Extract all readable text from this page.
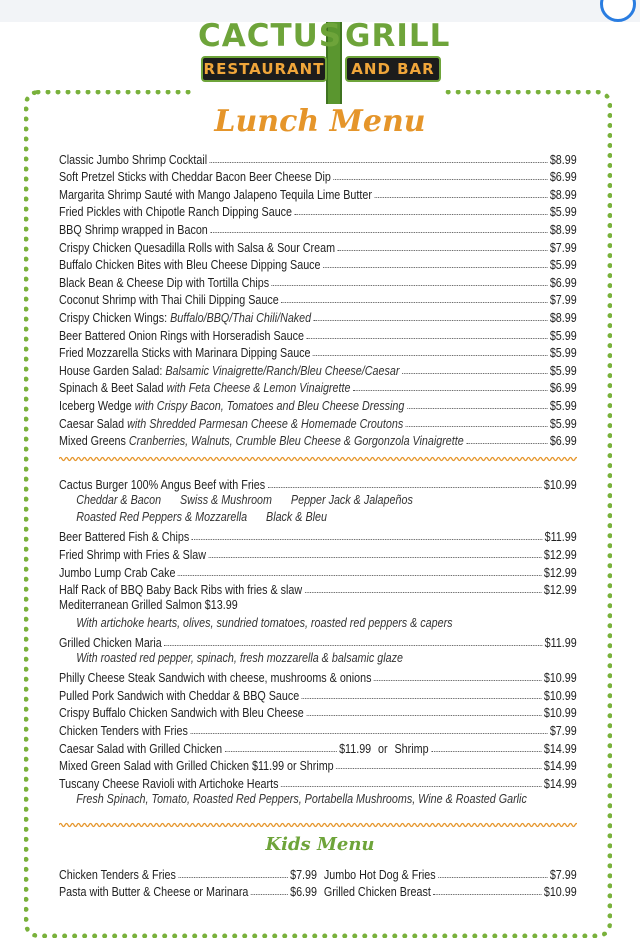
CACTUS GRILL
RESTAURANT	AND BAR
Lunch Menu
Classic Jumbo Shrimp Cocktail	$8.99
Soft Pretzel Sticks with Cheddar Bacon Beer Cheese Dip	$6.99
Margarita Shrimp Sauté with Mango Jalapeno Tequila Lime Butter	$8.99
Fried Pickles with Chipotle Ranch Dipping Sauce	$5.99
BBQ Shrimp wrapped in Bacon	$8.99
Crispy Chicken Quesadilla Rolls with Salsa & Sour Cream	$7.99
Buffalo Chicken Bites with Bleu Cheese Dipping Sauce	$5.99
Black Bean & Cheese Dip with Tortilla Chips	$6.99
Coconut Shrimp with Thai Chili Dipping Sauce	$7.99
Crispy Chicken Wings: Buffalo/BBQ/Thai Chili/Naked	$8.99
Beer Battered Onion Rings with Horseradish Sauce	$5.99
Fried Mozzarella Sticks with Marinara Dipping Sauce	$5.99
House Garden Salad: Balsamic Vinaigrette/Ranch/Bleu Cheese/Caesar	$5.99
Spinach & Beet Salad with Feta Cheese & Lemon Vinaigrette	$6.99
Iceberg Wedge with Crispy Bacon, Tomatoes and Bleu Cheese Dressing	$5.99
Caesar Salad with Shredded Parmesan Cheese & Homemade Croutons	$5.99
Mixed Greens Cranberries, Walnuts, Crumble Bleu Cheese & Gorgonzola Vinaigrette	$6.99
Cactus Burger 100% Angus Beef with Fries	$10.99
Cheddar & Bacon Swiss & Mushroom Pepper Jack & Jalapeños
Roasted Red Peppers & Mozzarella Black & Bleu
Beer Battered Fish & Chips	$11.99
Fried Shrimp with Fries & Slaw	$12.99
Jumbo Lump Crab Cake	$12.99
Half Rack of BBQ Baby Back Ribs with fries & slaw	$12.99
Mediterranean Grilled Salmon $13.99
With artichoke hearts, olives, sundried tomatoes, roasted red peppers & capers
Grilled Chicken Maria	$11.99
With roasted red pepper, spinach, fresh mozzarella & balsamic glaze
Philly Cheese Steak Sandwich with cheese, mushrooms & onions	$10.99
Pulled Pork Sandwich with Cheddar & BBQ Sauce	$10.99
Crispy Buffalo Chicken Sandwich with Bleu Cheese	$10.99
Chicken Tenders with Fries	$7.99
Caesar Salad with Grilled Chicken	$11.99 or Shrimp	$14.99
Mixed Green Salad with Grilled Chicken $11.99 or Shrimp	$14.99
Tuscany Cheese Ravioli with Artichoke Hearts	$14.99
Fresh Spinach, Tomato, Roasted Red Peppers, Portabella Mushrooms, Wine & Roasted Garlic
Kids Menu
Chicken Tenders & Fries	$7.99 Jumbo Hot Dog & Fries	$7.99
Pasta with Butter & Cheese or Marinara	$6.99 Grilled Chicken Breast	$10.99
